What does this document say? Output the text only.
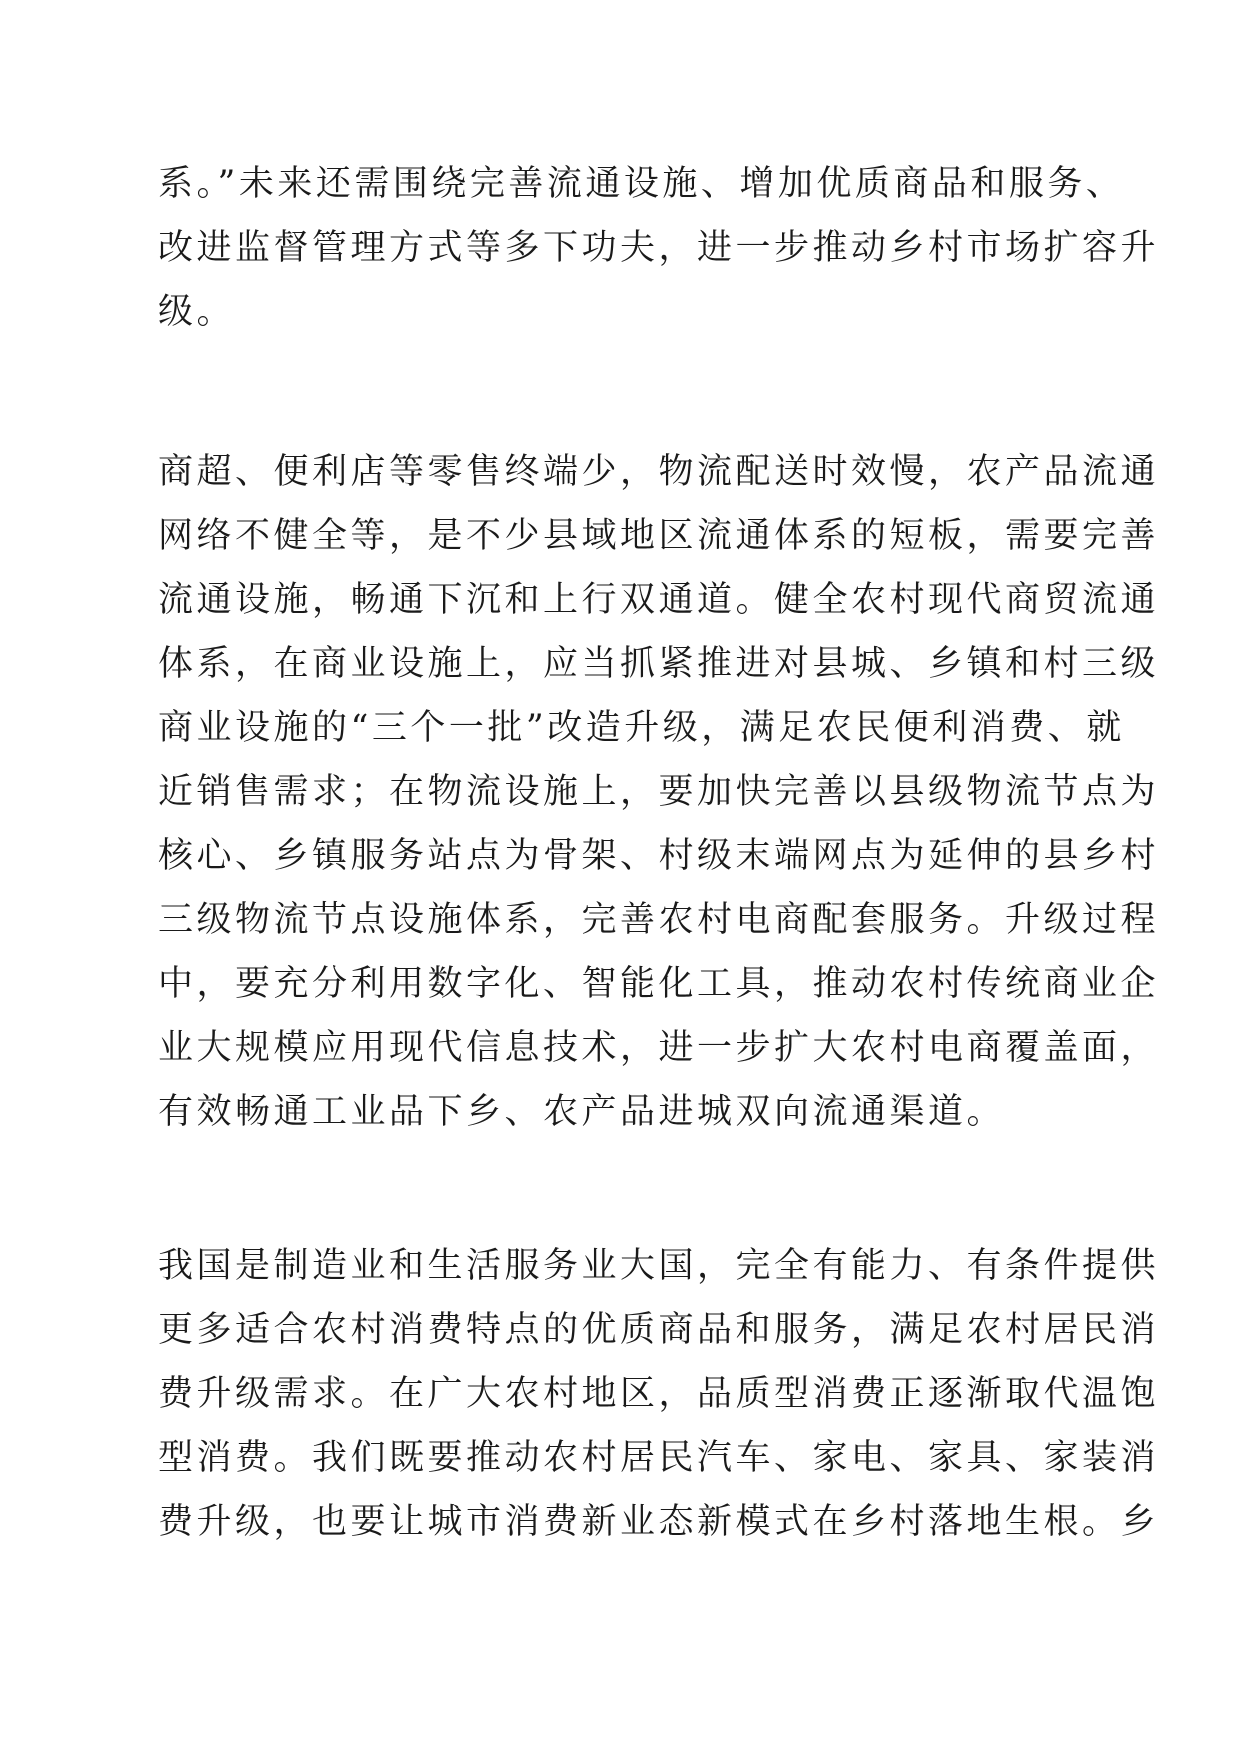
系。”未来还需围绕完善流通设施、增加优质商品和服务、
改进监督管理方式等多下功夫，进一步推动乡村市场扩容升
级。
商超、便利店等零售终端少，物流配送时效慢，农产品流通
网络不健全等，是不少县域地区流通体系的短板，需要完善
流通设施，畅通下沉和上行双通道。健全农村现代商贸流通
体系，在商业设施上，应当抓紧推进对县城、乡镇和村三级
商业设施的“三个一批”改造升级，满足农民便利消费、就
近销售需求；在物流设施上，要加快完善以县级物流节点为
核心、乡镇服务站点为骨架、村级末端网点为延伸的县乡村
三级物流节点设施体系，完善农村电商配套服务。升级过程
中，要充分利用数字化、智能化工具，推动农村传统商业企
业大规模应用现代信息技术，进一步扩大农村电商覆盖面，
有效畅通工业品下乡、农产品进城双向流通渠道。
我国是制造业和生活服务业大国，完全有能力、有条件提供
更多适合农村消费特点的优质商品和服务，满足农村居民消
费升级需求。在广大农村地区，品质型消费正逐渐取代温饱
型消费。我们既要推动农村居民汽车、家电、家具、家装消
费升级，也要让城市消费新业态新模式在乡村落地生根。乡
